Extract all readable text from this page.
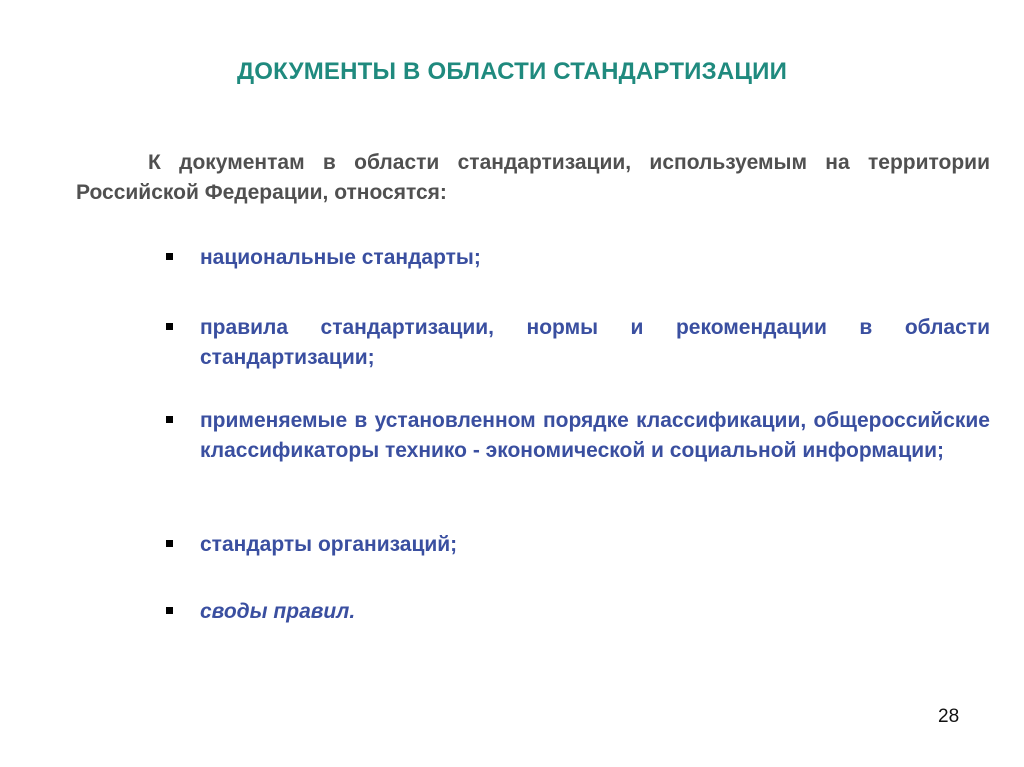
ДОКУМЕНТЫ В ОБЛАСТИ СТАНДАРТИЗАЦИИ

К документам в области стандартизации, используемым на территории Российской Федерации, относятся:

национальные стандарты;
правила стандартизации, нормы и рекомендации в области стандартизации;
применяемые в установленном порядке классификации, общероссийские классификаторы технико - экономической и социальной информации;
стандарты организаций;
своды правил.
28
